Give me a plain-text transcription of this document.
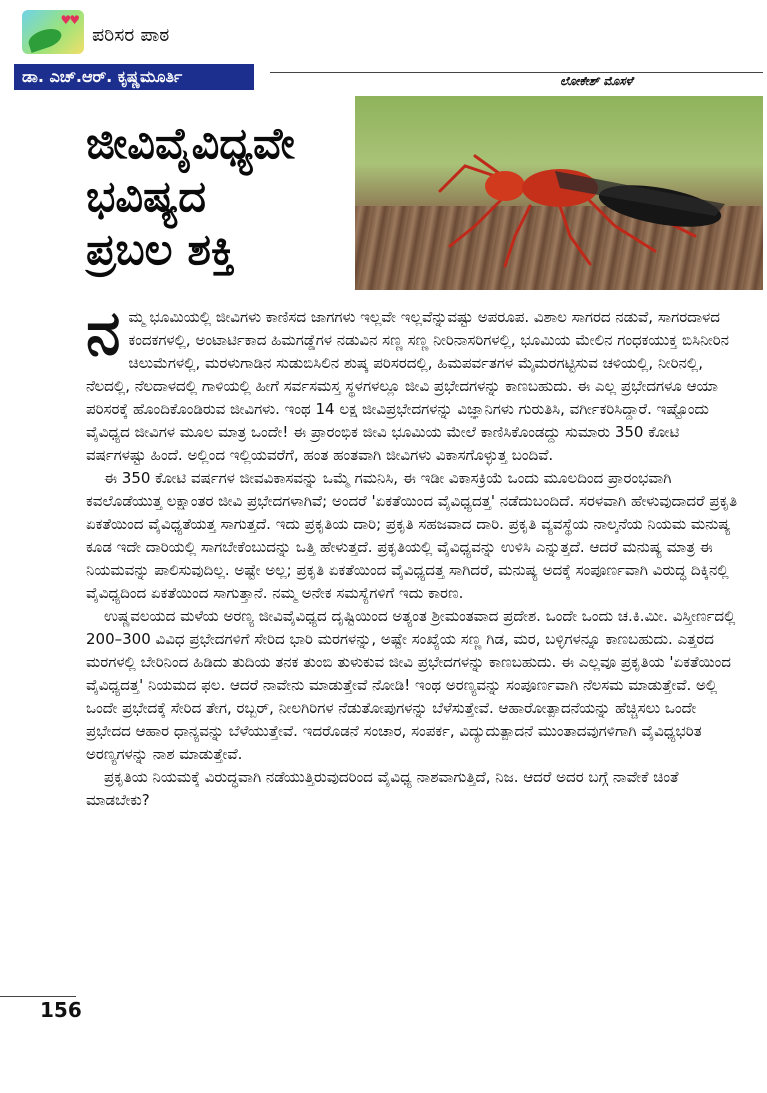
♥♥
ಪರಿಸರ ಪಾಠ
ಡಾ. ಎಚ್.ಆರ್. ಕೃಷ್ಣಮೂರ್ತಿ	ಲೋಕೇಶ್ ಮೊಸಳೆ
ಜೀವಿವೈವಿಧ್ಯವೇ
ಭವಿಷ್ಯದ
ಪ್ರಬಲ ಶಕ್ತಿ

ನಮ್ಮ ಭೂಮಿಯಲ್ಲಿ ಜೀವಿಗಳು ಕಾಣಿಸದ ಜಾಗಗಳು ಇಲ್ಲವೇ ಇಲ್ಲವೆನ್ನುವಷ್ಟು ಅಪರೂಪ. ವಿಶಾಲ ಸಾಗರದ ನಡುವೆ, ಸಾಗರದಾಳದ ಕಂದಕಗಳಲ್ಲಿ, ಅಂಟಾರ್ಟಿಕಾದ ಹಿಮಗಡ್ಡೆಗಳ ನಡುವಿನ ಸಣ್ಣ ಸಣ್ಣ ನೀರಿನಾಸರಿಗಳಲ್ಲಿ, ಭೂಮಿಯ ಮೇಲಿನ ಗಂಧಕಯುಕ್ತ ಬಿಸಿನೀರಿನ ಚಿಲುಮೆಗಳಲ್ಲಿ, ಮರಳುಗಾಡಿನ ಸುಡುಬಿಸಿಲಿನ ಶುಷ್ಕ ಪರಿಸರದಲ್ಲಿ, ಹಿಮಪರ್ವತಗಳ ಮೈಮರಗಟ್ಟಿಸುವ ಚಳಿಯಲ್ಲಿ, ನೀರಿನಲ್ಲಿ, ನೆಲದಲ್ಲಿ, ನೆಲದಾಳದಲ್ಲಿ ಗಾಳಿಯಲ್ಲಿ ಹೀಗೆ ಸರ್ವಸಮಸ್ತ ಸ್ಥಳಗಳಲ್ಲೂ ಜೀವಿ ಪ್ರಭೇದಗಳನ್ನು ಕಾಣಬಹುದು. ಈ ಎಲ್ಲ ಪ್ರಭೇದಗಳೂ ಆಯಾ ಪರಿಸರಕ್ಕೆ ಹೊಂದಿಕೊಂಡಿರುವ ಜೀವಿಗಳು. ಇಂಥ 14 ಲಕ್ಷ ಜೀವಿಪ್ರಭೇದಗಳನ್ನು ವಿಜ್ಞಾನಿಗಳು ಗುರುತಿಸಿ, ವರ್ಗೀಕರಿಸಿದ್ದಾರೆ. ಇಷ್ಟೊಂದು ವೈವಿಧ್ಯದ ಜೀವಿಗಳ ಮೂಲ ಮಾತ್ರ ಒಂದೇ! ಈ ಪ್ರಾರಂಭಿಕ ಜೀವಿ ಭೂಮಿಯ ಮೇಲೆ ಕಾಣಿಸಿಕೊಂಡದ್ದು ಸುಮಾರು 350 ಕೋಟಿ ವರ್ಷಗಳಷ್ಟು ಹಿಂದೆ. ಅಲ್ಲಿಂದ ಇಲ್ಲಿಯವರೆಗೆ, ಹಂತ ಹಂತವಾಗಿ ಜೀವಿಗಳು ವಿಕಾಸಗೊಳ್ಳುತ್ತ ಬಂದಿವೆ.

ಈ 350 ಕೋಟಿ ವರ್ಷಗಳ ಜೀವವಿಕಾಸವನ್ನು ಒಮ್ಮೆ ಗಮನಿಸಿ, ಈ ಇಡೀ ವಿಕಾಸಕ್ರಿಯೆ ಒಂದು ಮೂಲದಿಂದ ಪ್ರಾರಂಭವಾಗಿ ಕವಲೊಡೆಯುತ್ತ ಲಕ್ಷಾಂತರ ಜೀವಿ ಪ್ರಭೇದಗಳಾಗಿವೆ; ಅಂದರೆ 'ಏಕತೆಯಿಂದ ವೈವಿಧ್ಯದತ್ತ' ನಡೆದುಬಂದಿದೆ. ಸರಳವಾಗಿ ಹೇಳುವುದಾದರೆ ಪ್ರಕೃತಿ ಏಕತೆಯಿಂದ ವೈವಿಧ್ಯತೆಯತ್ತ ಸಾಗುತ್ತದೆ. ಇದು ಪ್ರಕೃತಿಯ ದಾರಿ; ಪ್ರಕೃತಿ ಸಹಜವಾದ ದಾರಿ. ಪ್ರಕೃತಿ ವ್ಯವಸ್ಥೆಯ ನಾಲ್ಕನೆಯ ನಿಯಮ ಮನುಷ್ಯ ಕೂಡ ಇದೇ ದಾರಿಯಲ್ಲಿ ಸಾಗಬೇಕೆಂಬುದನ್ನು ಒತ್ತಿ ಹೇಳುತ್ತದೆ. ಪ್ರಕೃತಿಯಲ್ಲಿ ವೈವಿಧ್ಯವನ್ನು ಉಳಿಸಿ ಎನ್ನುತ್ತದೆ. ಆದರೆ ಮನುಷ್ಯ ಮಾತ್ರ ಈ ನಿಯಮವನ್ನು ಪಾಲಿಸುವುದಿಲ್ಲ. ಅಷ್ಟೇ ಅಲ್ಲ; ಪ್ರಕೃತಿ ಏಕತೆಯಿಂದ ವೈವಿಧ್ಯದತ್ತ ಸಾಗಿದರೆ, ಮನುಷ್ಯ ಅದಕ್ಕೆ ಸಂಪೂರ್ಣವಾಗಿ ವಿರುದ್ಧ ದಿಕ್ಕಿನಲ್ಲಿ ವೈವಿಧ್ಯದಿಂದ ಏಕತೆಯಿಂದ ಸಾಗುತ್ತಾನೆ. ನಮ್ಮ ಅನೇಕ ಸಮಸ್ಯೆಗಳಿಗೆ ಇದು ಕಾರಣ.

ಉಷ್ಣವಲಯದ ಮಳೆಯ ಅರಣ್ಯ ಜೀವಿವೈವಿಧ್ಯದ ದೃಷ್ಟಿಯಿಂದ ಅತ್ಯಂತ ಶ್ರೀಮಂತವಾದ ಪ್ರದೇಶ. ಒಂದೇ ಒಂದು ಚ.ಕಿ.ಮೀ. ವಿಸ್ತೀರ್ಣದಲ್ಲಿ 200–300 ವಿವಿಧ ಪ್ರಭೇದಗಳಿಗೆ ಸೇರಿದ ಭಾರಿ ಮರಗಳನ್ನು, ಅಷ್ಟೇ ಸಂಖ್ಯೆಯ ಸಣ್ಣ ಗಿಡ, ಮರ, ಬಳ್ಳಿಗಳನ್ನೂ ಕಾಣಬಹುದು. ಎತ್ತರದ ಮರಗಳಲ್ಲಿ ಬೇರಿನಿಂದ ಹಿಡಿದು ತುದಿಯ ತನಕ ತುಂಬಿ ತುಳುಕುವ ಜೀವಿ ಪ್ರಭೇದಗಳನ್ನು ಕಾಣಬಹುದು. ಈ ಎಲ್ಲವೂ ಪ್ರಕೃತಿಯ 'ಏಕತೆಯಿಂದ ವೈವಿಧ್ಯದತ್ತ' ನಿಯಮದ ಫಲ. ಆದರೆ ನಾವೇನು ಮಾಡುತ್ತೇವೆ ನೋಡಿ! ಇಂಥ ಅರಣ್ಯವನ್ನು ಸಂಪೂರ್ಣವಾಗಿ ನೆಲಸಮ ಮಾಡುತ್ತೇವೆ. ಅಲ್ಲಿ ಒಂದೇ ಪ್ರಭೇದಕ್ಕೆ ಸೇರಿದ ತೇಗ, ರಬ್ಬರ್, ನೀಲಗಿರಿಗಳ ನೆಡುತೋಪುಗಳನ್ನು ಬೆಳೆಸುತ್ತೇವೆ. ಆಹಾರೋತ್ಪಾದನೆಯನ್ನು ಹೆಚ್ಚಿಸಲು ಒಂದೇ ಪ್ರಭೇದದ ಆಹಾರ ಧಾನ್ಯವನ್ನು ಬೆಳೆಯುತ್ತೇವೆ. ಇದರೊಡನೆ ಸಂಚಾರ, ಸಂಪರ್ಕ, ವಿದ್ಯುದುತ್ಪಾದನೆ ಮುಂತಾದವುಗಳಿಗಾಗಿ ವೈವಿಧ್ಯಭರಿತ ಅರಣ್ಯಗಳನ್ನು ನಾಶ ಮಾಡುತ್ತೇವೆ.

ಪ್ರಕೃತಿಯ ನಿಯಮಕ್ಕೆ ವಿರುದ್ಧವಾಗಿ ನಡೆಯುತ್ತಿರುವುದರಿಂದ ವೈವಿಧ್ಯ ನಾಶವಾಗುತ್ತಿದೆ, ನಿಜ. ಆದರೆ ಅದರ ಬಗ್ಗೆ ನಾವೇಕೆ ಚಿಂತೆ ಮಾಡಬೇಕು?

156
